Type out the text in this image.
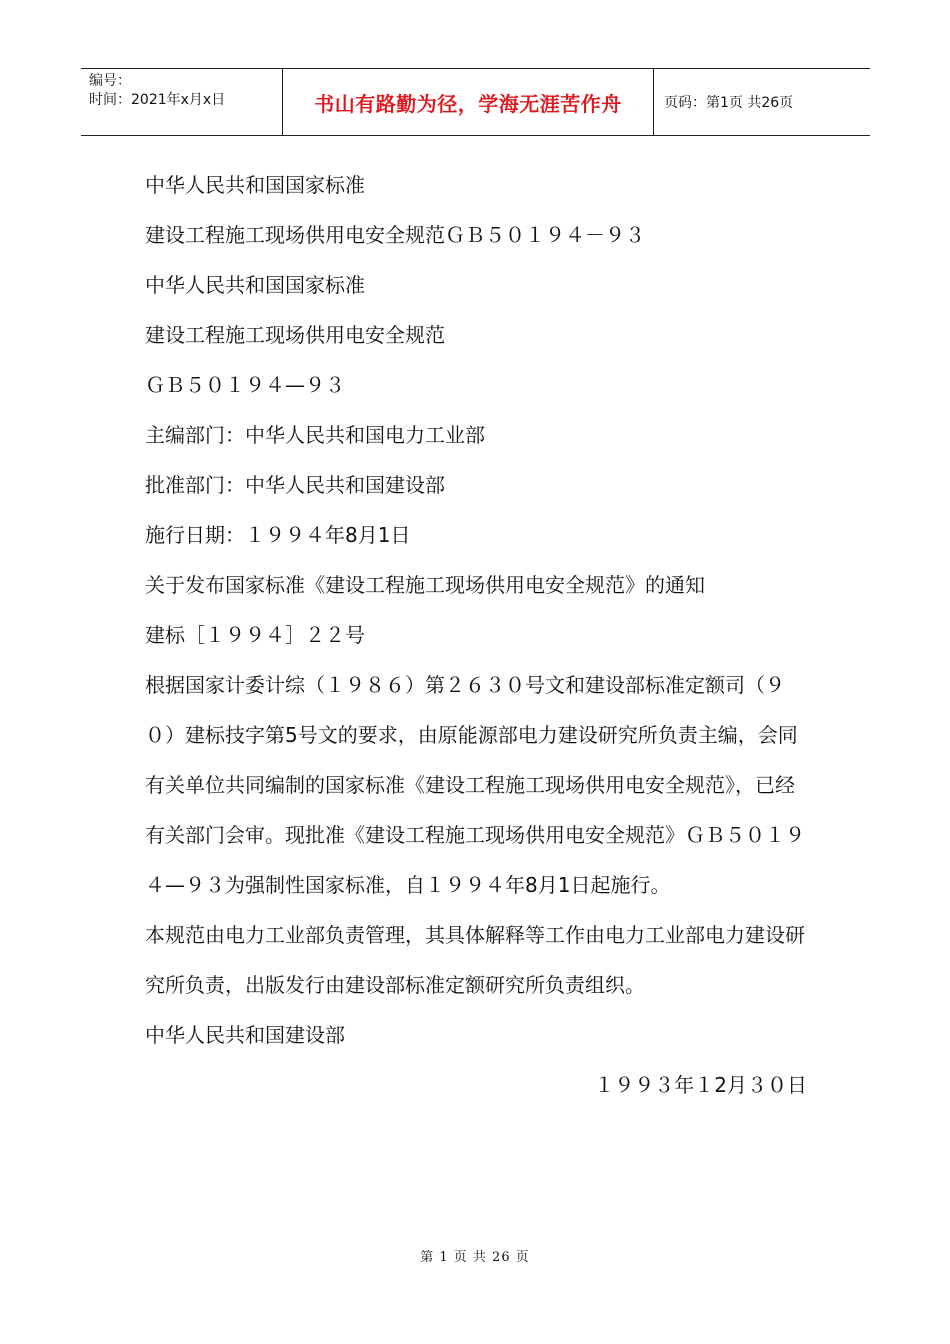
编号：
时间：2021年x月x日	书山有路勤为径，学海无涯苦作舟	页码：第1页 共26页

中华人民共和国国家标准

建设工程施工现场供用电安全规范ＧＢ５０１９４－９３

中华人民共和国国家标准

建设工程施工现场供用电安全规范

ＧＢ５０１９４—９３

主编部门：中华人民共和国电力工业部

批准部门：中华人民共和国建设部

施行日期：１９９４年8月1日

关于发布国家标准《建设工程施工现场供用电安全规范》的通知

建标［１９９４］２２号

根据国家计委计综（１９８６）第２６３０号文和建设部标准定额司（９０）建标技字第5号文的要求，由原能源部电力建设研究所负责主编，会同有关单位共同编制的国家标准《建设工程施工现场供用电安全规范》，已经有关部门会审。现批准《建设工程施工现场供用电安全规范》ＧＢ５０１９４—９３为强制性国家标准，自１９９４年8月1日起施行。

本规范由电力工业部负责管理，其具体解释等工作由电力工业部电力建设研究所负责，出版发行由建设部标准定额研究所负责组织。

中华人民共和国建设部

１９９３年１2月３０日

第 1 页 共 26 页
